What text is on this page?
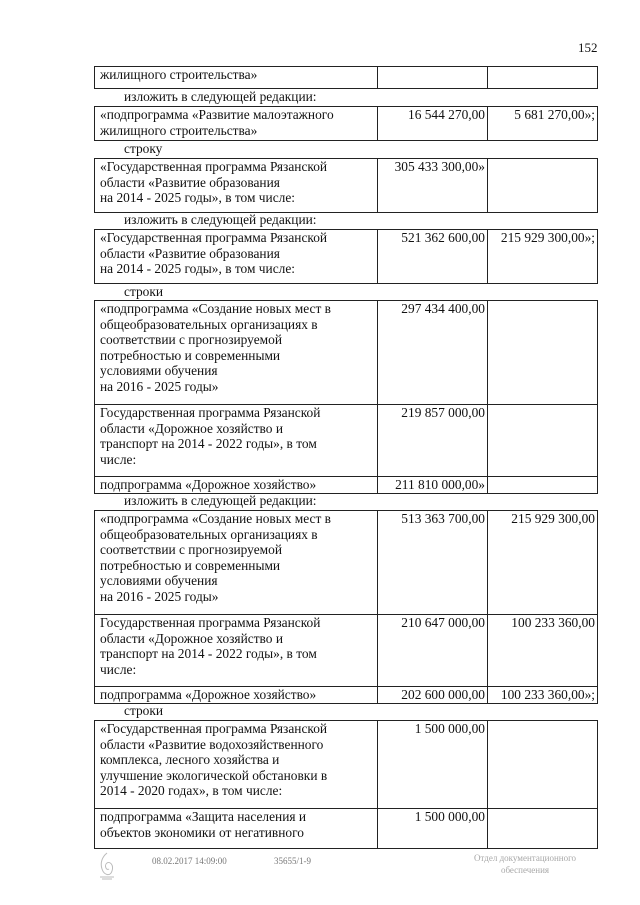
152
жилищного строительства»		
изложить в следующей редакции:
«подпрограмма «Развитие малоэтажного
жилищного строительства»	16 544 270,00	5 681 270,00»;
строку
«Государственная программа Рязанской
области «Развитие образования
на 2014 - 2025 годы», в том числе:	305 433 300,00»	
изложить в следующей редакции:
«Государственная программа Рязанской
области «Развитие образования
на 2014 - 2025 годы», в том числе:	521 362 600,00	215 929 300,00»;
строки
«подпрограмма «Создание новых мест в
общеобразовательных организациях в
соответствии с прогнозируемой
потребностью и современными
условиями обучения
на 2016 - 2025 годы»	297 434 400,00	
Государственная программа Рязанской
области «Дорожное хозяйство и
транспорт на 2014 - 2022 годы», в том
числе:	219 857 000,00	
подпрограмма «Дорожное хозяйство»	211 810 000,00»	
изложить в следующей редакции:
«подпрограмма «Создание новых мест в
общеобразовательных организациях в
соответствии с прогнозируемой
потребностью и современными
условиями обучения
на 2016 - 2025 годы»	513 363 700,00	215 929 300,00
Государственная программа Рязанской
области «Дорожное хозяйство и
транспорт на 2014 - 2022 годы», в том
числе:	210 647 000,00	100 233 360,00
подпрограмма «Дорожное хозяйство»	202 600 000,00	100 233 360,00»;
строки
«Государственная программа Рязанской
области «Развитие водохозяйственного
комплекса, лесного хозяйства и
улучшение экологической обстановки в
2014 - 2020 годах», в том числе:	1 500 000,00	
подпрограмма «Защита населения и
объектов экономики от негативного	1 500 000,00	
08.02.2017 14:09:00	35655/1-9	Отдел документационного
обеспечения
